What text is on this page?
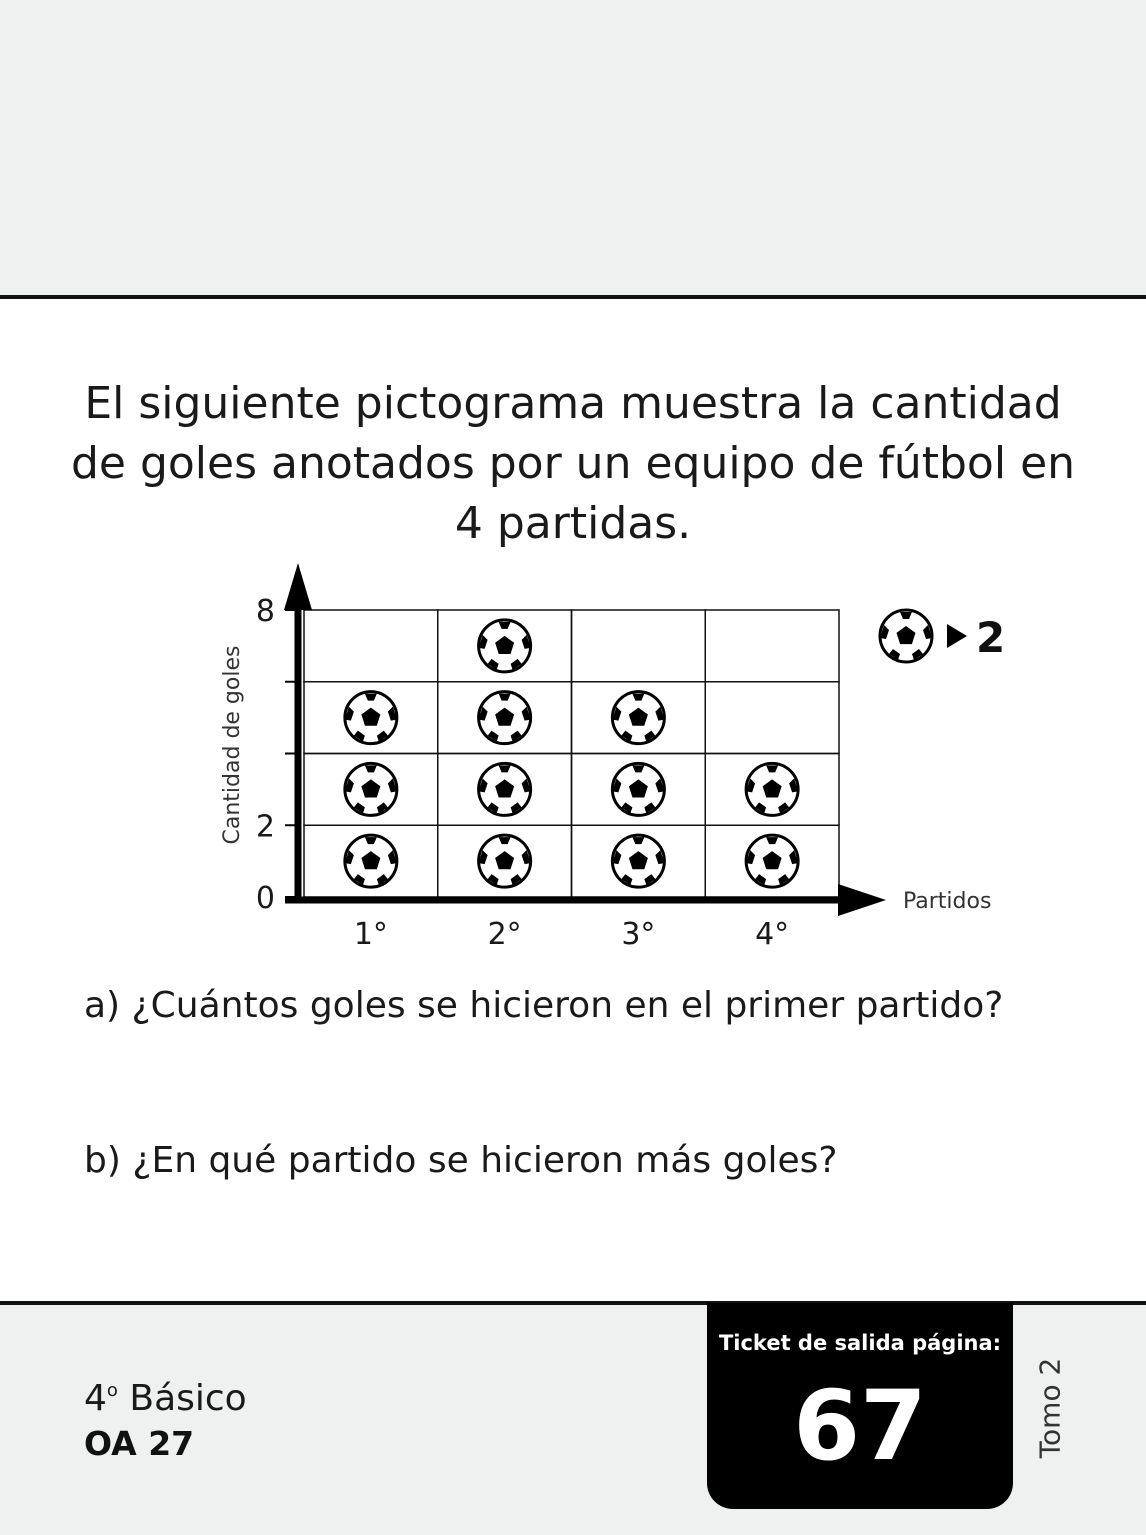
El siguiente pictograma muestra la cantidad de goles anotados por un equipo de fútbol en 4 partidas.

0
2
8
Cantidad de goles
Partidos
1°	2°	3°	4°
2

a) ¿Cuántos goles se hicieron en el primer partido?

b) ¿En qué partido se hicieron más goles?

4$^o$ Básico
OA 27
Ticket de salida página:
67	Tomo 2
